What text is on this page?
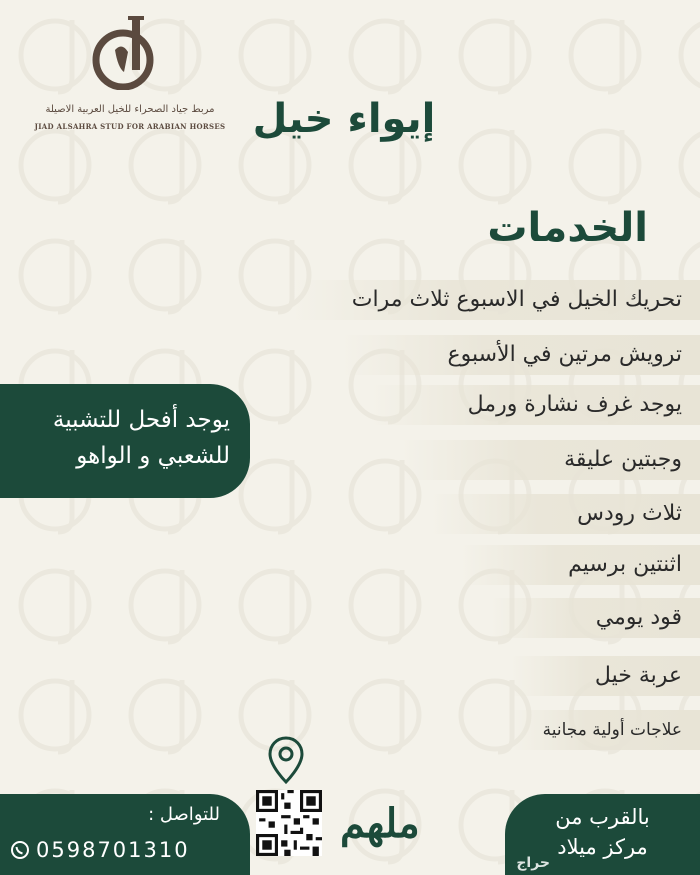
مربط جياد الصحراء للخيل العربية الاصيلة
JIAD ALSAHRA STUD FOR ARABIAN HORSES إيواء خيل
الخدمات
تحريك الخيل في الاسبوع ثلاث مرات
ترويش مرتين في الأسبوع
يوجد غرف نشارة ورمل
وجبتين عليقة
ثلاث رودس
اثنتين برسيم
قود يومي
عربة خيل
علاجات أولية مجانية
يوجد أفحل للتشبية
للشعبي و الواهو
للتواصل :
0598701310
ملهم	بالقرب من
مركز ميلاد
حراج
